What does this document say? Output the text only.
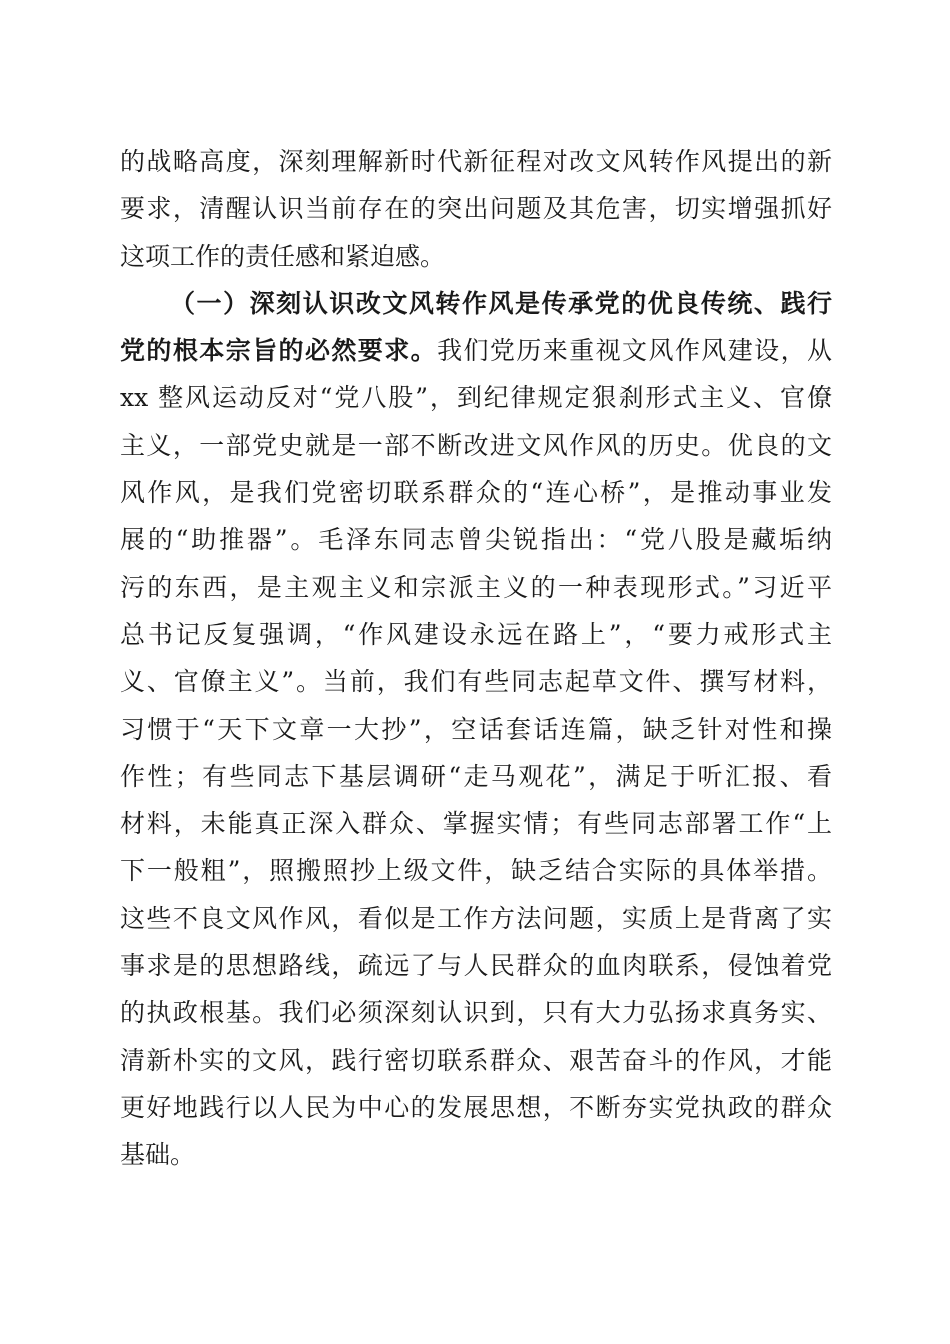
的战略高度，深刻理解新时代新征程对改文风转作风提出的新
要求，清醒认识当前存在的突出问题及其危害，切实增强抓好
这项工作的责任感和紧迫感。
（一）深刻认识改文风转作风是传承党的优良传统、践行
党的根本宗旨的必然要求。我们党历来重视文风作风建设，从
xx 整风运动反对“党八股”，到纪律规定狠刹形式主义、官僚
主义，一部党史就是一部不断改进文风作风的历史。优良的文
风作风，是我们党密切联系群众的“连心桥”，是推动事业发
展的“助推器”。毛泽东同志曾尖锐指出：“党八股是藏垢纳
污的东西，是主观主义和宗派主义的一种表现形式。”习近平
总书记反复强调，“作风建设永远在路上”，“要力戒形式主
义、官僚主义”。当前，我们有些同志起草文件、撰写材料，
习惯于“天下文章一大抄”，空话套话连篇，缺乏针对性和操
作性；有些同志下基层调研“走马观花”，满足于听汇报、看
材料，未能真正深入群众、掌握实情；有些同志部署工作“上
下一般粗”，照搬照抄上级文件，缺乏结合实际的具体举措。
这些不良文风作风，看似是工作方法问题，实质上是背离了实
事求是的思想路线，疏远了与人民群众的血肉联系，侵蚀着党
的执政根基。我们必须深刻认识到，只有大力弘扬求真务实、
清新朴实的文风，践行密切联系群众、艰苦奋斗的作风，才能
更好地践行以人民为中心的发展思想，不断夯实党执政的群众
基础。
